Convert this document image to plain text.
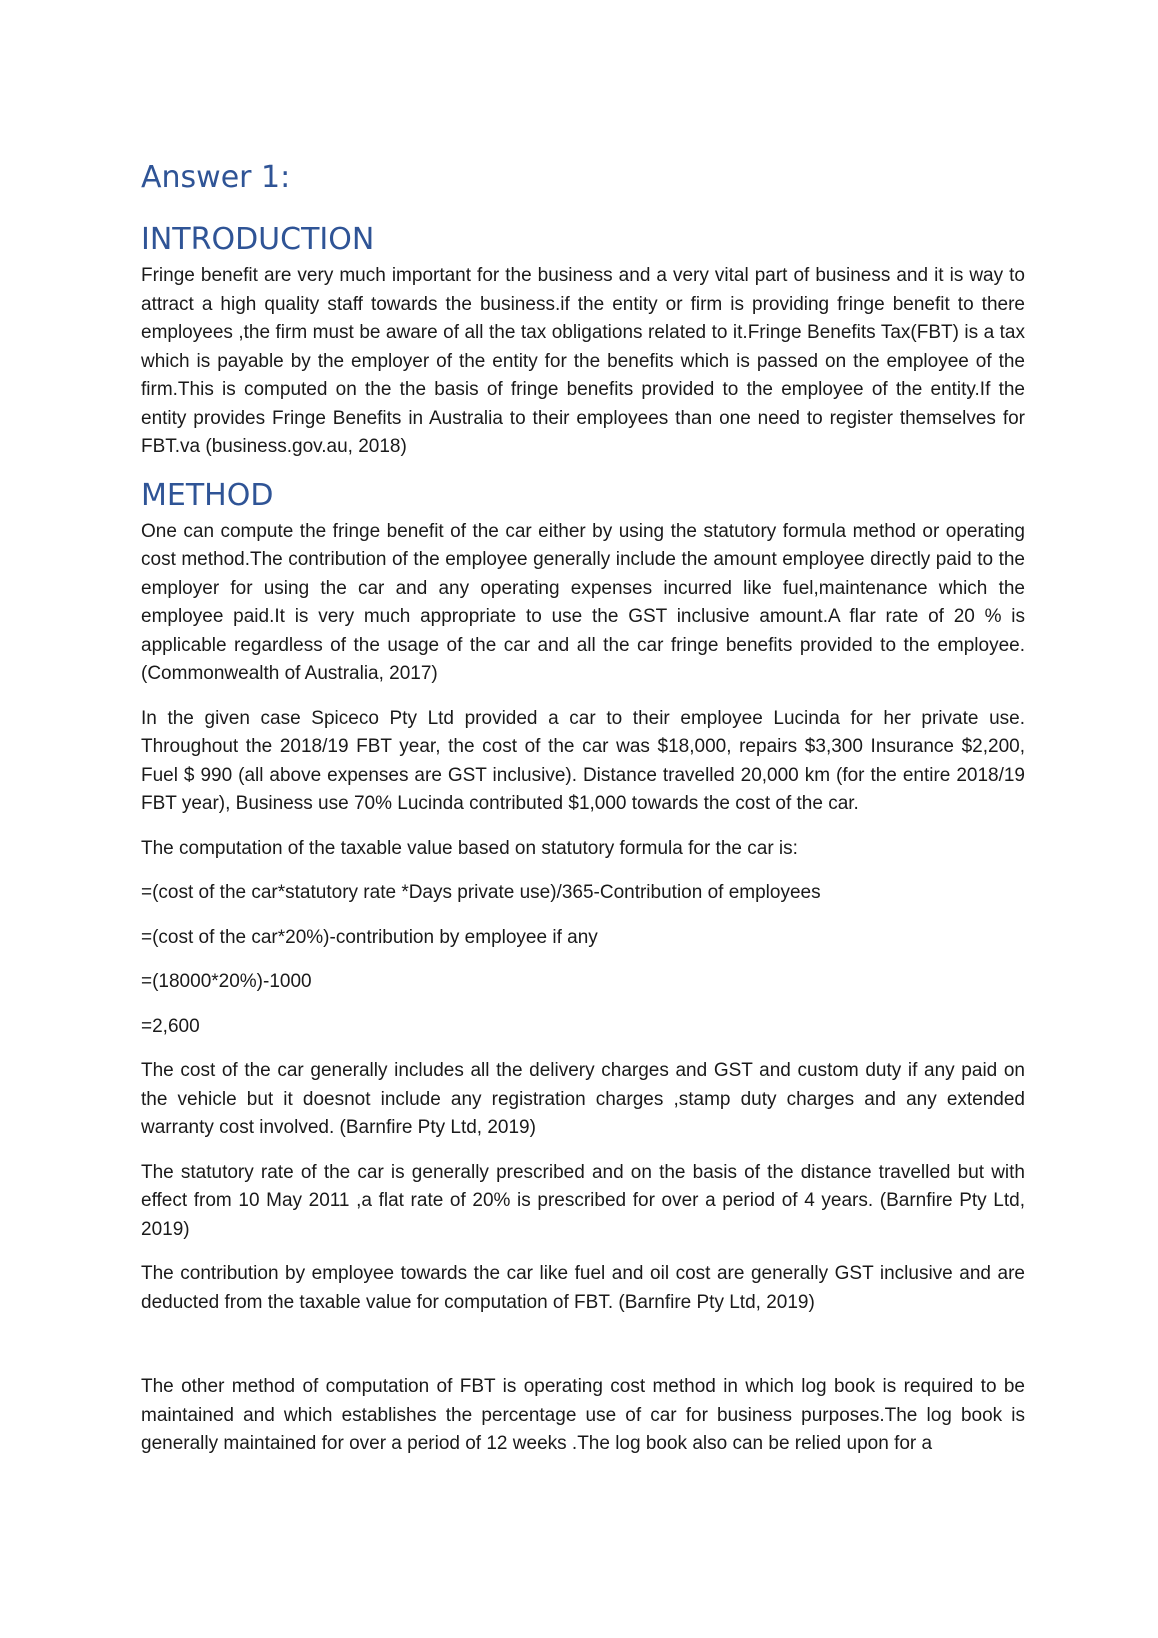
Answer 1:
INTRODUCTION

Fringe benefit are very much important for the business and a very vital part of business and it is way to attract a high quality staff towards the business.if the entity or firm is providing fringe benefit to there employees ,the firm must be aware of all the tax obligations related to it.Fringe Benefits Tax(FBT) is a tax which is payable by the employer of the entity for the benefits which is passed on the employee of the firm.This is computed on the the basis of fringe benefits provided to the employee of the entity.If the entity provides Fringe Benefits in Australia to their employees than one need to register themselves for FBT.va (business.gov.au, 2018)

METHOD

One can compute the fringe benefit of the car either by using the statutory formula method or operating cost method.The contribution of the employee generally include the amount employee directly paid to the employer for using the car and any operating expenses incurred like fuel,maintenance which the employee paid.It is very much appropriate to use the GST inclusive amount.A flar rate of 20 % is applicable regardless of the usage of the car and all the car fringe benefits provided to the employee. (Commonwealth of Australia, 2017)

In the given case Spiceco Pty Ltd provided a car to their employee Lucinda for her private use. Throughout the 2018/19 FBT year, the cost of the car was $18,000, repairs $3,300 Insurance $2,200, Fuel $ 990 (all above expenses are GST inclusive). Distance travelled 20,000 km (for the entire 2018/19 FBT year), Business use 70% Lucinda contributed $1,000 towards the cost of the car.

The computation of the taxable value based on statutory formula for the car is:

=(cost of the car*statutory rate *Days private use)/365-Contribution of employees

=(cost of the car*20%)-contribution by employee if any

=(18000*20%)-1000

=2,600

The cost of the car generally includes all the delivery charges and GST and custom duty if any paid on the vehicle but it doesnot include any registration charges ,stamp duty charges and any extended warranty cost involved. (Barnfire Pty Ltd, 2019)

The statutory rate of the car is generally prescribed and on the basis of the distance travelled but with effect from 10 May 2011 ,a flat rate of 20% is prescribed for over a period of 4 years. (Barnfire Pty Ltd, 2019)

The contribution by employee towards the car like fuel and oil cost are generally GST inclusive and are deducted from the taxable value for computation of FBT. (Barnfire Pty Ltd, 2019)

The other method of computation of FBT is operating cost method in which log book is required to be maintained and which establishes the percentage use of car for business purposes.The log book is generally maintained for over a period of 12 weeks .The log book also can be relied upon for a
